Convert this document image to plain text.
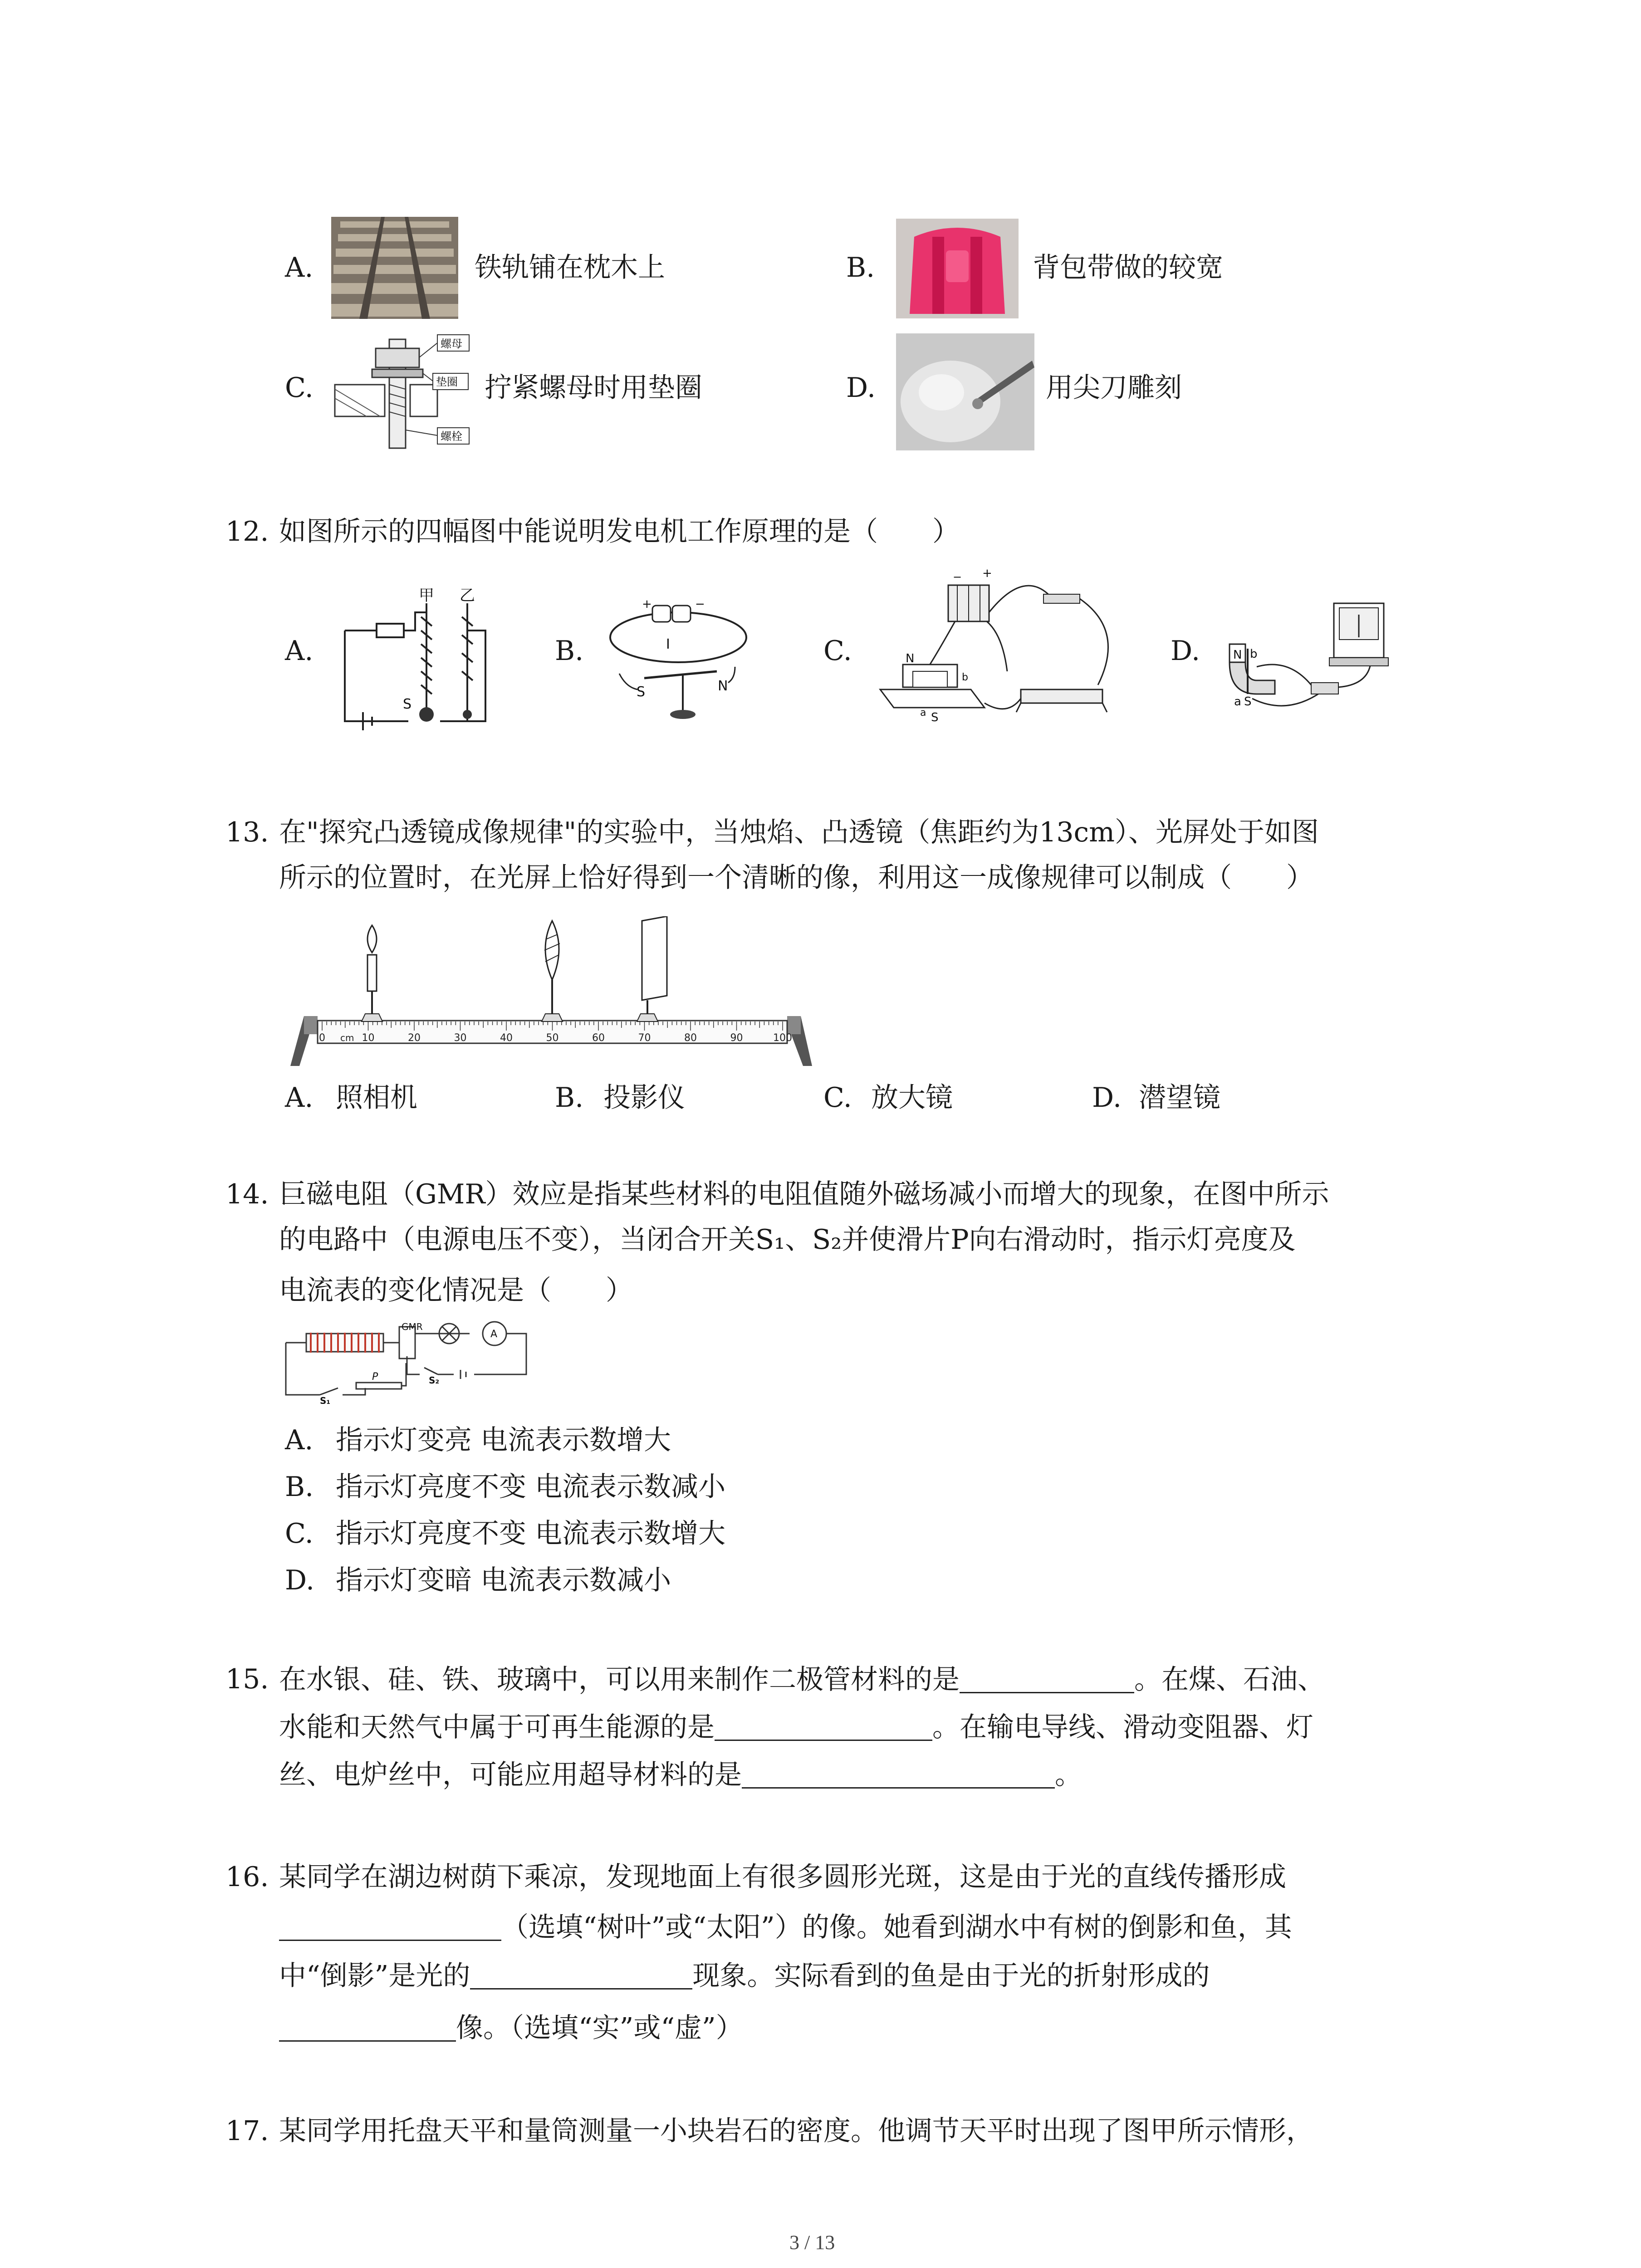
A.	铁轨铺在枕木上	B.	背包带做的较宽
C.
螺母
垫圈
螺栓
拧紧螺母时用垫圈	D.	用尖刀雕刻
12. 如图所示的四幅图中能说明发电机工作原理的是（　　）
A.
甲 乙
S
B.
+	−
I
S	N
C.
− +
N
S
a
b
D.	N b
a S
13. 在"探究凸透镜成像规律"的实验中，当烛焰、凸透镜（焦距约为13cm）、光屏处于如图
所示的位置时，在光屏上恰好得到一个清晰的像，利用这一成像规律可以制成（　　）
0	10	20	30	40	50	60	70	80	90	100
cm
A. 照相机	B. 投影仪	C. 放大镜	D. 潜望镜
14. 巨磁电阻（GMR）效应是指某些材料的电阻值随外磁场减小而增大的现象，在图中所示
的电路中（电源电压不变），当闭合开关S₁、S₂并使滑片P向右滑动时，指示灯亮度及
电流表的变化情况是（　　）
GMR
A
P
S₁
S₂
A. 指示灯变亮 电流表示数增大
B. 指示灯亮度不变 电流表示数减小
C. 指示灯亮度不变 电流表示数增大
D. 指示灯变暗 电流表示数减小
15. 在水银、硅、铁、玻璃中，可以用来制作二极管材料的是	。在煤、石油、
水能和天然气中属于可再生能源的是	。在输电导线、滑动变阻器、灯
丝、电炉丝中，可能应用超导材料的是	。
16. 某同学在湖边树荫下乘凉，发现地面上有很多圆形光斑，这是由于光的直线传播形成
（选填“树叶”或“太阳”）的像。她看到湖水中有树的倒影和鱼，其
中“倒影”是光的	现象。实际看到的鱼是由于光的折射形成的
像。（选填“实”或“虚”）
17. 某同学用托盘天平和量筒测量一小块岩石的密度。他调节天平时出现了图甲所示情形，
3 / 13
